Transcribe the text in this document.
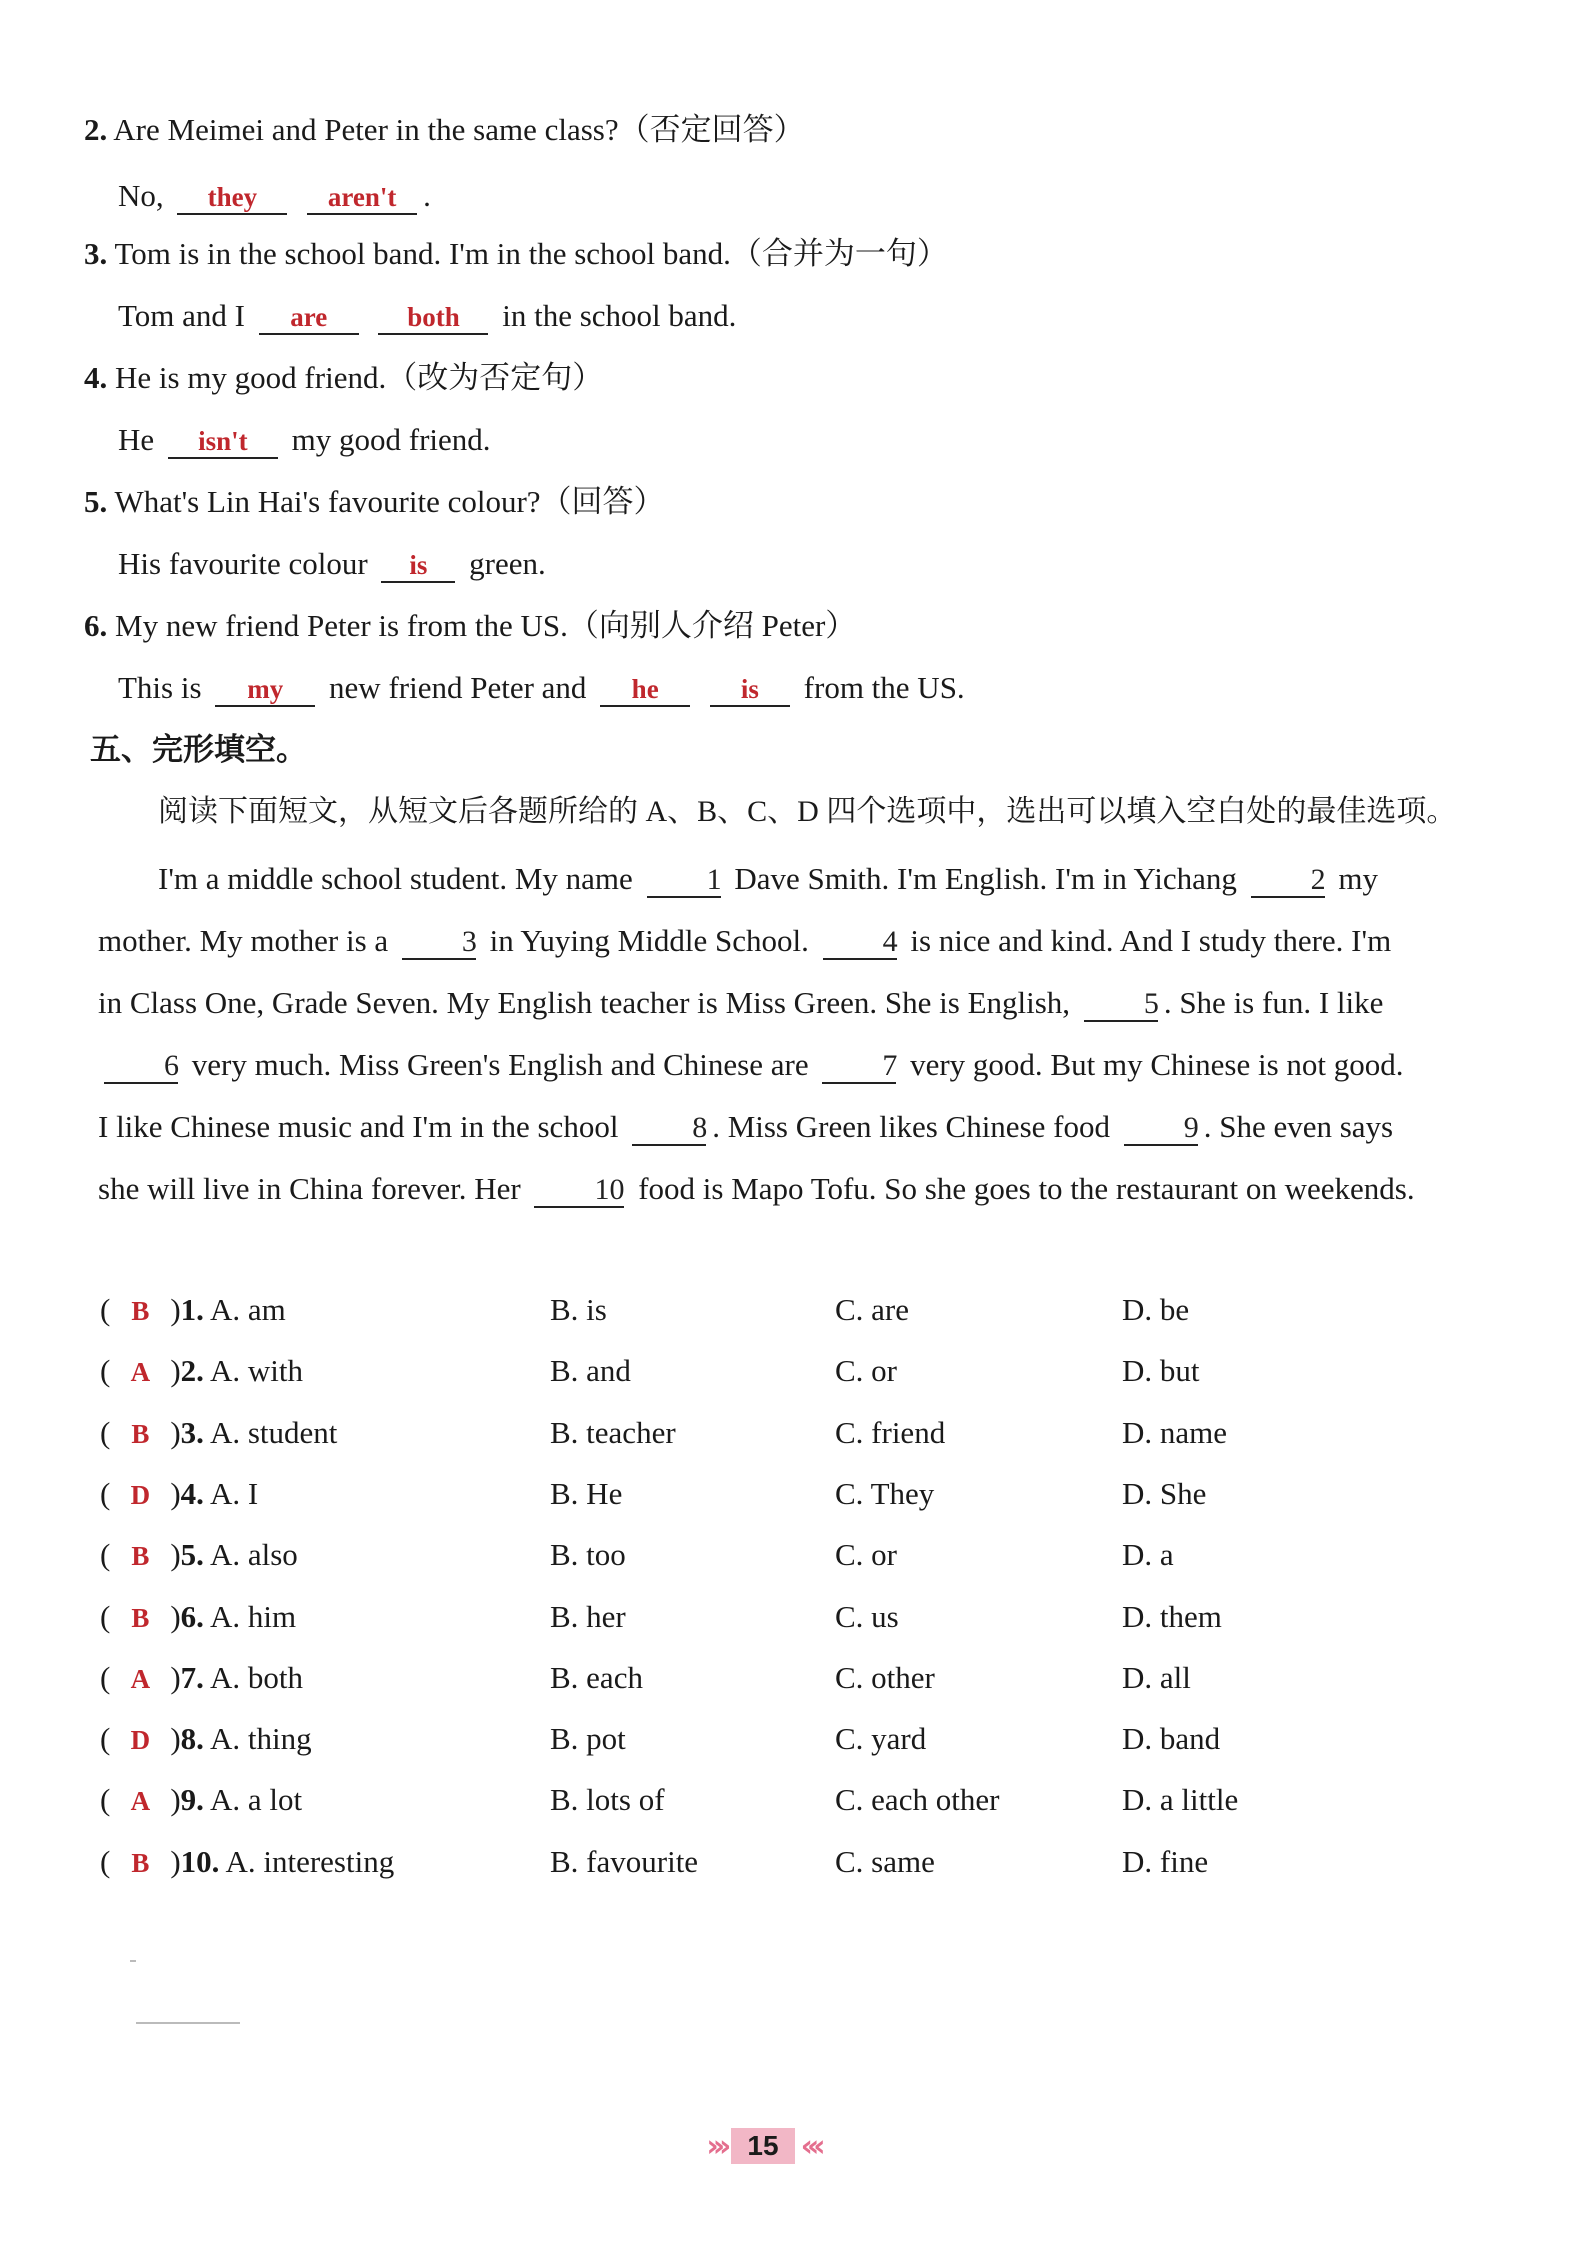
2. Are Meimei and Peter in the same class?（否定回答）
No, they	aren't .
3. Tom is in the school band. I'm in the school band.（合并为一句）
Tom and I are	both in the school band.
4. He is my good friend.（改为否定句）
He isn't my good friend.
5. What's Lin Hai's favourite colour?（回答）
His favourite colour is green.
6. My new friend Peter is from the US.（向别人介绍 Peter）
This is my new friend Peter and he	is from the US.
五、完形填空。
阅读下面短文，从短文后各题所给的 A、B、C、D 四个选项中，选出可以填入空白处的最佳选项。
I'm a middle school student. My name 1 Dave Smith. I'm English. I'm in Yichang 2 my mother. My mother is a 3 in Yuying Middle School. 4 is nice and kind. And I study there. I'm in Class One, Grade Seven. My English teacher is Miss Green. She is English, 5 . She is fun. I like 6 very much. Miss Green's English and Chinese are 7 very good. But my Chinese is not good. I like Chinese music and I'm in the school 8 . Miss Green likes Chinese food 9 . She even says she will live in China forever. Her 10 food is Mapo Tofu. So she goes to the restaurant on weekends.
( B )1. A. am	B. is	C. are	D. be
( A )2. A. with	B. and	C. or	D. but
( B )3. A. student	B. teacher	C. friend	D. name
( D )4. A. I	B. He	C. They	D. She
( B )5. A. also	B. too	C. or	D. a
( B )6. A. him	B. her	C. us	D. them
( A )7. A. both	B. each	C. other	D. all
( D )8. A. thing	B. pot	C. yard	D. band
( A )9. A. a lot	B. lots of	C. each other	D. a little
( B )10. A. interesting	B. favourite	C. same	D. fine
››› 15 ‹‹‹
